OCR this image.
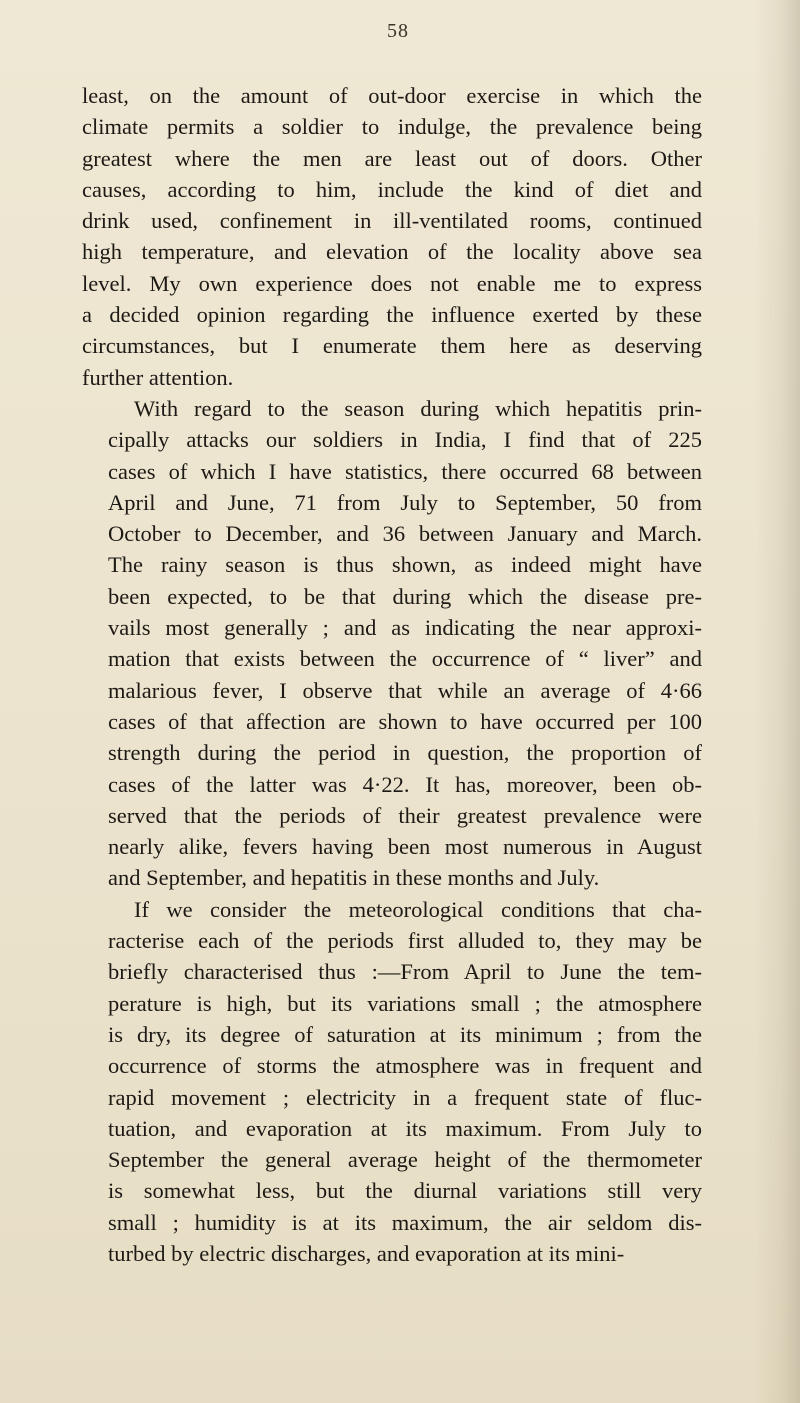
58
least, on the amount of out-door exercise in which the
climate permits a soldier to indulge, the prevalence being
greatest where the men are least out of doors. Other
causes, according to him, include the kind of diet and
drink used, confinement in ill-ventilated rooms, continued
high temperature, and elevation of the locality above sea
level. My own experience does not enable me to express
a decided opinion regarding the influence exerted by these
circumstances, but I enumerate them here as deserving
further attention.
With regard to the season during which hepatitis prin-
cipally attacks our soldiers in India, I find that of 225
cases of which I have statistics, there occurred 68 between
April and June, 71 from July to September, 50 from
October to December, and 36 between January and March.
The rainy season is thus shown, as indeed might have
been expected, to be that during which the disease pre-
vails most generally ; and as indicating the near approxi-
mation that exists between the occurrence of “ liver” and
malarious fever, I observe that while an average of 4·66
cases of that affection are shown to have occurred per 100
strength during the period in question, the proportion of
cases of the latter was 4·22. It has, moreover, been ob-
served that the periods of their greatest prevalence were
nearly alike, fevers having been most numerous in August
and September, and hepatitis in these months and July.
If we consider the meteorological conditions that cha-
racterise each of the periods first alluded to, they may be
briefly characterised thus :—From April to June the tem-
perature is high, but its variations small ; the atmosphere
is dry, its degree of saturation at its minimum ; from the
occurrence of storms the atmosphere was in frequent and
rapid movement ; electricity in a frequent state of fluc-
tuation, and evaporation at its maximum. From July to
September the general average height of the thermometer
is somewhat less, but the diurnal variations still very
small ; humidity is at its maximum, the air seldom dis-
turbed by electric discharges, and evaporation at its mini-
